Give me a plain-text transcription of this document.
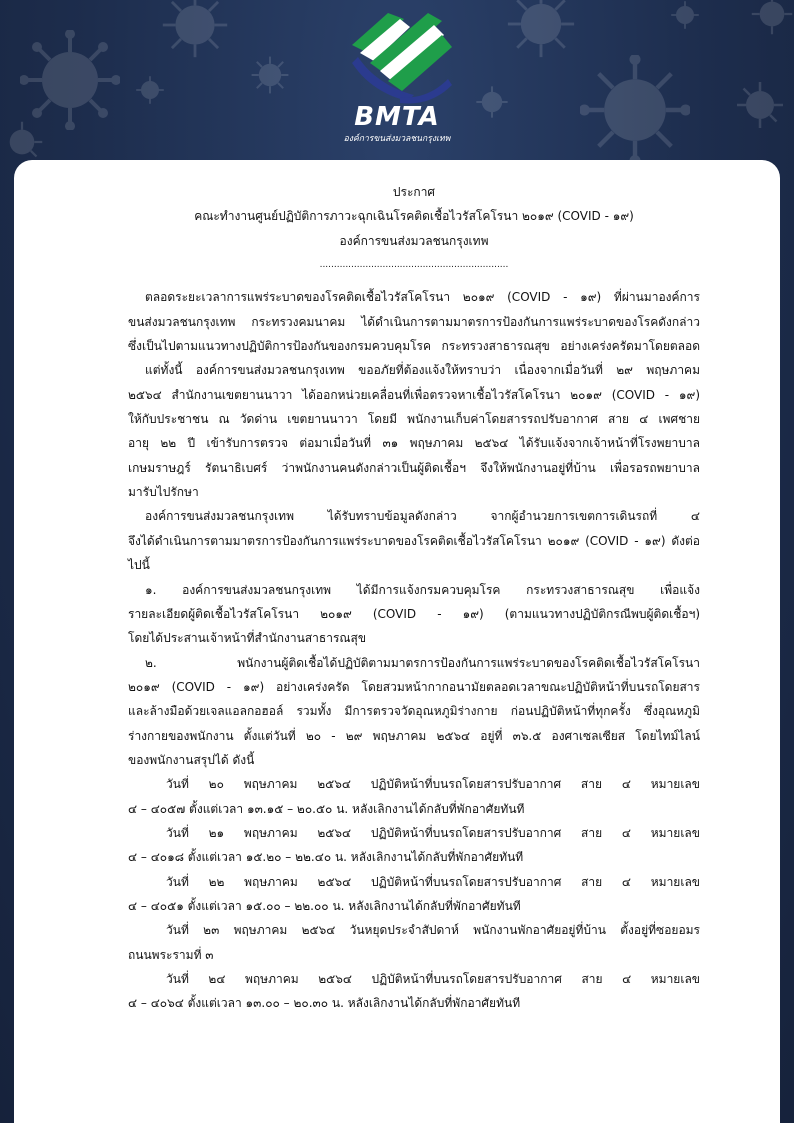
BMTA
องค์การขนส่งมวลชนกรุงเทพ
ประกาศ
คณะทำงานศูนย์ปฏิบัติการภาวะฉุกเฉินโรคติดเชื้อไวรัสโคโรนา ๒๐๑๙ (COVID - ๑๙)
องค์การขนส่งมวลชนกรุงเทพ
..................................................................
ตลอดระยะเวลาการแพร่ระบาดของโรคติดเชื้อไวรัสโคโรนา ๒๐๑๙ (COVID - ๑๙) ที่ผ่านมาองค์การ
ขนส่งมวลชนกรุงเทพ กระทรวงคมนาคม ได้ดำเนินการตามมาตรการป้องกันการแพร่ระบาดของโรคดังกล่าว
ซึ่งเป็นไปตามแนวทางปฏิบัติการป้องกันของกรมควบคุมโรค กระทรวงสาธารณสุข อย่างเคร่งครัดมาโดยตลอด
แต่ทั้งนี้ องค์การขนส่งมวลชนกรุงเทพ ขออภัยที่ต้องแจ้งให้ทราบว่า เนื่องจากเมื่อวันที่ ๒๙ พฤษภาคม
๒๕๖๔ สำนักงานเขตยานนาวา ได้ออกหน่วยเคลื่อนที่เพื่อตรวจหาเชื้อไวรัสโคโรนา ๒๐๑๙ (COVID - ๑๙)
ให้กับประชาชน ณ วัดด่าน เขตยานนาวา โดยมี พนักงานเก็บค่าโดยสารรถปรับอากาศ สาย ๔ เพศชาย
อายุ ๒๒ ปี เข้ารับการตรวจ ต่อมาเมื่อวันที่ ๓๑ พฤษภาคม ๒๕๖๔ ได้รับแจ้งจากเจ้าหน้าที่โรงพยาบาล
เกษมราษฎร์ รัตนาธิเบศร์ ว่าพนักงานคนดังกล่าวเป็นผู้ติดเชื้อฯ จึงให้พนักงานอยู่ที่บ้าน เพื่อรอรถพยาบาล
มารับไปรักษา
องค์การขนส่งมวลชนกรุงเทพ ได้รับทราบข้อมูลดังกล่าว จากผู้อำนวยการเขตการเดินรถที่ ๔
จึงได้ดำเนินการตามมาตรการป้องกันการแพร่ระบาดของโรคติดเชื้อไวรัสโคโรนา ๒๐๑๙ (COVID - ๑๙) ดังต่อไปนี้
๑. องค์การขนส่งมวลชนกรุงเทพ ได้มีการแจ้งกรมควบคุมโรค กระทรวงสาธารณสุข เพื่อแจ้ง
รายละเอียดผู้ติดเชื้อไวรัสโคโรนา ๒๐๑๙ (COVID - ๑๙) (ตามแนวทางปฏิบัติกรณีพบผู้ติดเชื้อฯ)
โดยได้ประสานเจ้าหน้าที่สำนักงานสาธารณสุข
๒. พนักงานผู้ติดเชื้อได้ปฏิบัติตามมาตรการป้องกันการแพร่ระบาดของโรคติดเชื้อไวรัสโคโรนา
๒๐๑๙ (COVID - ๑๙) อย่างเคร่งครัด โดยสวมหน้ากากอนามัยตลอดเวลาขณะปฏิบัติหน้าที่บนรถโดยสาร
และล้างมือด้วยเจลแอลกอฮอล์ รวมทั้ง มีการตรวจวัดอุณหภูมิร่างกาย ก่อนปฏิบัติหน้าที่ทุกครั้ง ซึ่งอุณหภูมิ
ร่างกายของพนักงาน ตั้งแต่วันที่ ๒๐ - ๒๙ พฤษภาคม ๒๕๖๔ อยู่ที่ ๓๖.๕ องศาเซลเซียส โดยไทม์ไลน์
ของพนักงานสรุปได้ ดังนี้
วันที่ ๒๐ พฤษภาคม ๒๕๖๔ ปฏิบัติหน้าที่บนรถโดยสารปรับอากาศ สาย ๔ หมายเลข
๔ – ๔๐๕๗ ตั้งแต่เวลา ๑๓.๑๕ – ๒๐.๕๐ น. หลังเลิกงานได้กลับที่พักอาศัยทันที
วันที่ ๒๑ พฤษภาคม ๒๕๖๔ ปฏิบัติหน้าที่บนรถโดยสารปรับอากาศ สาย ๔ หมายเลข
๔ – ๔๐๑๘ ตั้งแต่เวลา ๑๕.๒๐ – ๒๒.๔๐ น. หลังเลิกงานได้กลับที่พักอาศัยทันที
วันที่ ๒๒ พฤษภาคม ๒๕๖๔ ปฏิบัติหน้าที่บนรถโดยสารปรับอากาศ สาย ๔ หมายเลข
๔ – ๔๐๕๑ ตั้งแต่เวลา ๑๕.๐๐ – ๒๒.๐๐ น. หลังเลิกงานได้กลับที่พักอาศัยทันที
วันที่ ๒๓ พฤษภาคม ๒๕๖๔ วันหยุดประจำสัปดาห์ พนักงานพักอาศัยอยู่ที่บ้าน ตั้งอยู่ที่ซอยอมร
ถนนพระรามที่ ๓
วันที่ ๒๔ พฤษภาคม ๒๕๖๔ ปฏิบัติหน้าที่บนรถโดยสารปรับอากาศ สาย ๔ หมายเลข
๔ – ๔๐๖๔ ตั้งแต่เวลา ๑๓.๐๐ – ๒๐.๓๐ น. หลังเลิกงานได้กลับที่พักอาศัยทันที
